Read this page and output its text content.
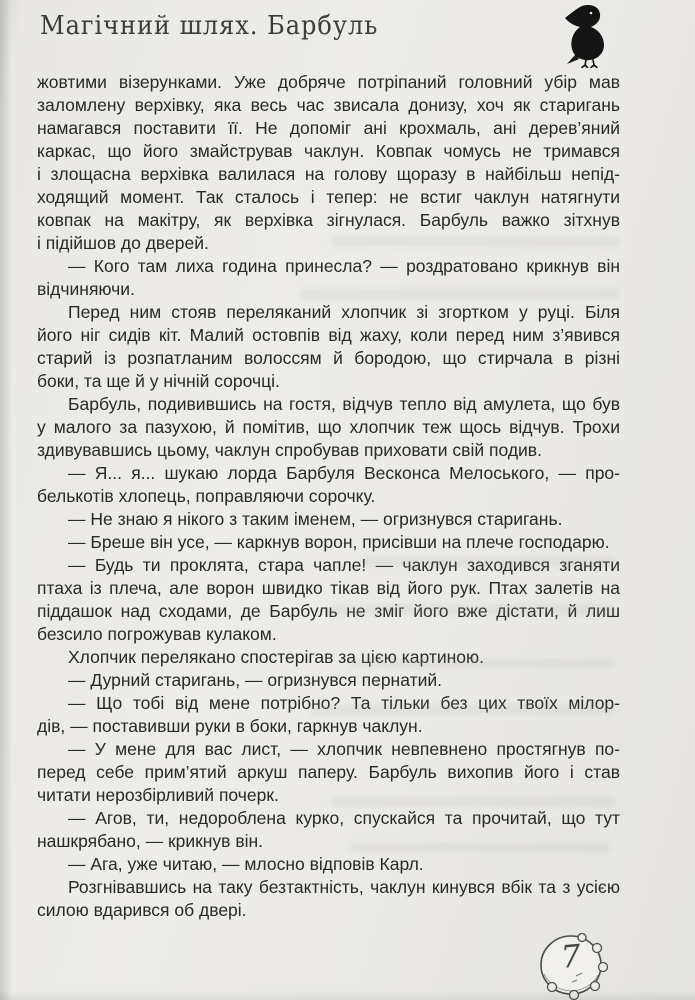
Магічний шлях. Барбуль
жовтими візерунками. Уже добряче потріпаний головний убір мав
заломлену верхівку, яка весь час звисала донизу, хоч як старигань
намагався поставити її. Не допоміг ані крохмаль, ані дерев’яний
каркас, що його змайстрував чаклун. Ковпак чомусь не тримався
і злощасна верхівка валилася на голову щоразу в найбільш непід-
ходящий момент. Так сталось і тепер: не встиг чаклун натягнути
ковпак на макітру, як верхівка зігнулася. Барбуль важко зітхнув
і підійшов до дверей.
— Кого там лиха година принесла? — роздратовано крикнув він
відчиняючи.
Перед ним стояв переляканий хлопчик зі згортком у руці. Біля
його ніг сидів кіт. Малий остовпів від жаху, коли перед ним з’явився
старий із розпатланим волоссям й бородою, що стирчала в різні
боки, та ще й у нічній сорочці.
Барбуль, подивившись на гостя, відчув тепло від амулета, що був
у малого за пазухою, й помітив, що хлопчик теж щось відчув. Трохи
здивувавшись цьому, чаклун спробував приховати свій подив.
— Я... я... шукаю лорда Барбуля Весконса Мелоського, — про-
белькотів хлопець, поправляючи сорочку.
— Не знаю я нікого з таким іменем, — огризнувся старигань.
— Бреше він усе, — каркнув ворон, присівши на плече господарю.
— Будь ти проклята, стара чапле! — чаклун заходився зганяти
птаха із плеча, але ворон швидко тікав від його рук. Птах залетів на
піддашок над сходами, де Барбуль не зміг його вже дістати, й лиш
безсило погрожував кулаком.
Хлопчик перелякано спостерігав за цією картиною.
— Дурний старигань, — огризнувся пернатий.
— Що тобі від мене потрібно? Та тільки без цих твоїх мілор-
дів, — поставивши руки в боки, гаркнув чаклун.
— У мене для вас лист, — хлопчик невпевнено простягнув по-
перед себе прим’ятий аркуш паперу. Барбуль вихопив його і став
читати нерозбірливий почерк.
— Агов, ти, недороблена курко, спускайся та прочитай, що тут
нашкрябано, — крикнув він.
— Ага, уже читаю, — млосно відповів Карл.
Розгнівавшись на таку безтактність, чаклун кинувся вбік та з усією
силою вдарився об двері.
7
